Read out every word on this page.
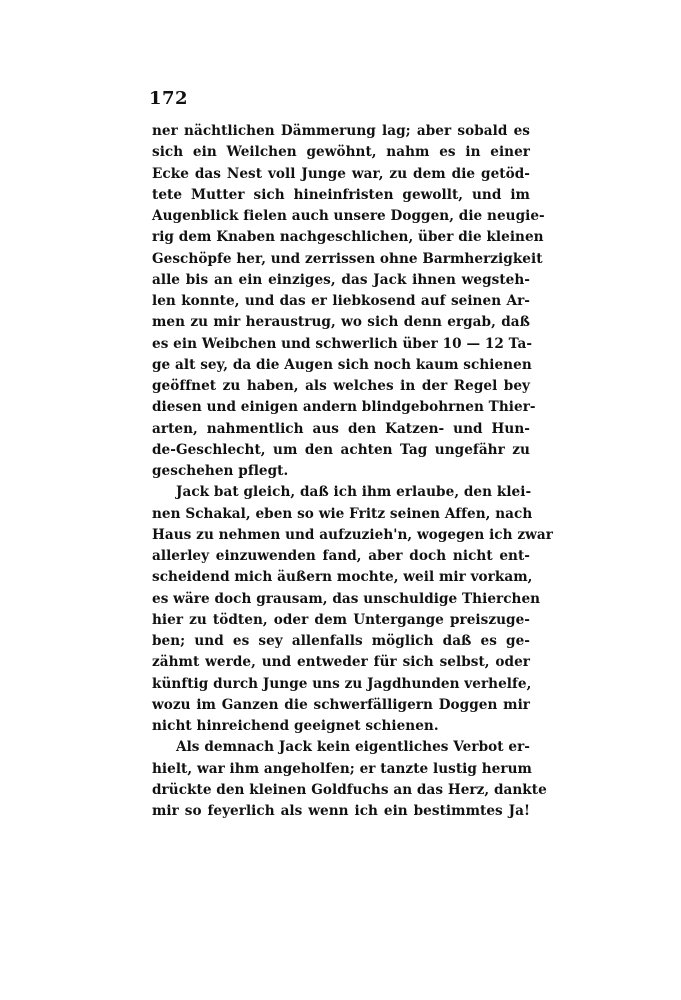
172
ner nächtlichen Dämmerung lag; aber sobald es
sich ein Weilchen gewöhnt, nahm es in einer
Ecke das Nest voll Junge war, zu dem die getöd-
tete Mutter sich hineinfristen gewollt, und im
Augenblick fielen auch unsere Doggen, die neugie-
rig dem Knaben nachgeschlichen, über die kleinen
Geschöpfe her, und zerrissen ohne Barmherzigkeit
alle bis an ein einziges, das Jack ihnen wegsteh-
len konnte, und das er liebkosend auf seinen Ar-
men zu mir heraustrug, wo sich denn ergab, daß
es ein Weibchen und schwerlich über 10 — 12 Ta-
ge alt sey, da die Augen sich noch kaum schienen
geöffnet zu haben, als welches in der Regel bey
diesen und einigen andern blindgebohrnen Thier-
arten, nahmentlich aus den Katzen- und Hun-
de-Geschlecht, um den achten Tag ungefähr zu
geschehen pflegt.
Jack bat gleich, daß ich ihm erlaube, den klei-
nen Schakal, eben so wie Fritz seinen Affen, nach
Haus zu nehmen und aufzuzieh'n, wogegen ich zwar
allerley einzuwenden fand, aber doch nicht ent-
scheidend mich äußern mochte, weil mir vorkam,
es wäre doch grausam, das unschuldige Thierchen
hier zu tödten, oder dem Untergange preiszuge-
ben; und es sey allenfalls möglich daß es ge-
zähmt werde, und entweder für sich selbst, oder
künftig durch Junge uns zu Jagdhunden verhelfe,
wozu im Ganzen die schwerfälligern Doggen mir
nicht hinreichend geeignet schienen.
Als demnach Jack kein eigentliches Verbot er-
hielt, war ihm angeholfen; er tanzte lustig herum
drückte den kleinen Goldfuchs an das Herz, dankte
mir so feyerlich als wenn ich ein bestimmtes Ja!
